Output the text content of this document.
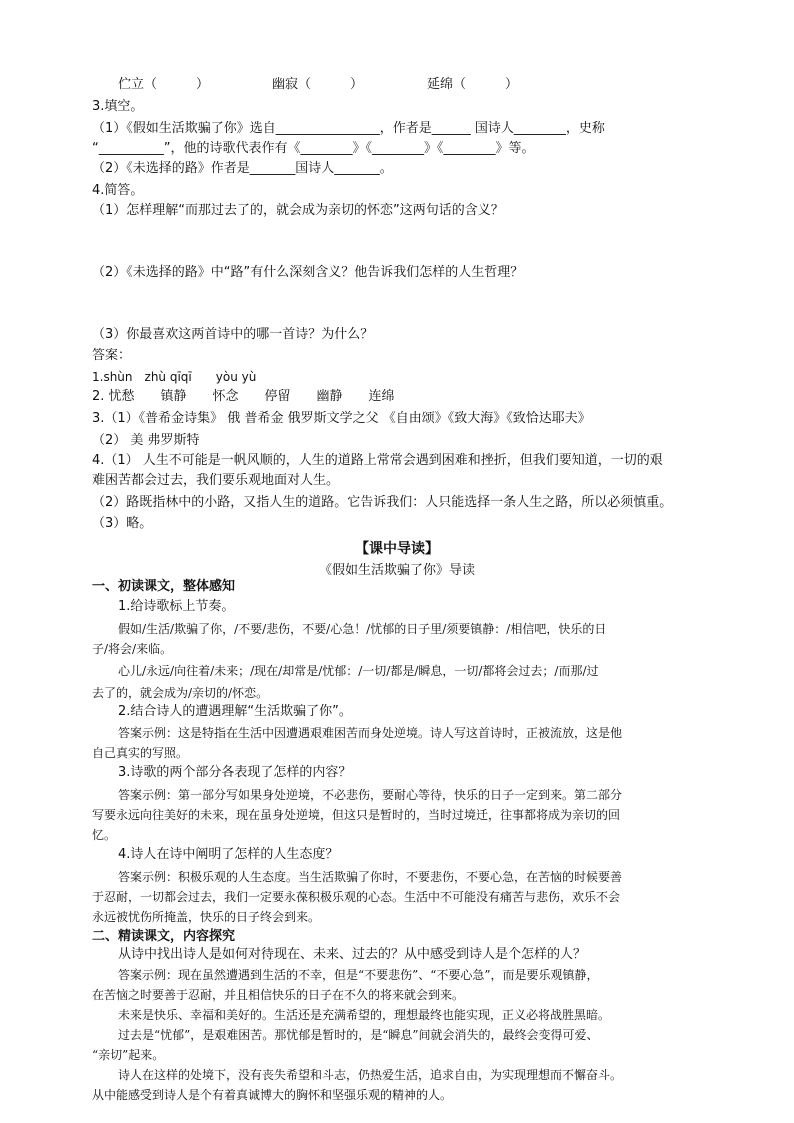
伫立（　　　）	幽寂（　　　）	延绵（　　　）
3.填空。
（1）《假如生活欺骗了你》选自________________，作者是______ 国诗人________，史称
“__________”，他的诗歌代表作有《________》《________》《________》等。
（2）《未选择的路》作者是_______国诗人_______。
4.简答。
（1）怎样理解“而那过去了的，就会成为亲切的怀恋”这两句话的含义？
（2）《未选择的路》中“路”有什么深刻含义？他告诉我们怎样的人生哲理？
（3）你最喜欢这两首诗中的哪一首诗？为什么？
答案：
1.shùn　zhù qīqī　　yòu yù
2. 忧愁　　镇静　　怀念　　停留　　幽静　　连绵
3.（1）《普希金诗集》 俄 普希金 俄罗斯文学之父 《自由颂》《致大海》《致恰达耶夫》
（2） 美 弗罗斯特
4.（1） 人生不可能是一帆风顺的，人生的道路上常常会遇到困难和挫折，但我们要知道，一切的艰
难困苦都会过去，我们要乐观地面对人生。
（2）路既指林中的小路，又指人生的道路。它告诉我们：人只能选择一条人生之路，所以必须慎重。
（3）略。
【课中导读】
《假如生活欺骗了你》导读
一、初读课文，整体感知
1.给诗歌标上节奏。
假如/生活/欺骗了你，/不要/悲伤，不要/心急！/忧郁的日子里/须要镇静：/相信吧，快乐的日
子/将会/来临。
心儿/永远/向往着/未来；/现在/却常是/忧郁：/一切/都是/瞬息，一切/都将会过去；/而那/过
去了的，就会成为/亲切的/怀恋。
2.结合诗人的遭遇理解“生活欺骗了你”。
答案示例：这是特指在生活中因遭遇艰难困苦而身处逆境。诗人写这首诗时，正被流放，这是他
自己真实的写照。
3.诗歌的两个部分各表现了怎样的内容？
答案示例：第一部分写如果身处逆境，不必悲伤，要耐心等待，快乐的日子一定到来。第二部分
写要永远向往美好的未来，现在虽身处逆境，但这只是暂时的，当时过境迁，往事都将成为亲切的回
忆。
4.诗人在诗中阐明了怎样的人生态度？
答案示例：积极乐观的人生态度。当生活欺骗了你时，不要悲伤，不要心急，在苦恼的时候要善
于忍耐，一切都会过去，我们一定要永葆积极乐观的心态。生活中不可能没有痛苦与悲伤，欢乐不会
永远被忧伤所掩盖，快乐的日子终会到来。
二、精读课文，内容探究
从诗中找出诗人是如何对待现在、未来、过去的？从中感受到诗人是个怎样的人？
答案示例：现在虽然遭遇到生活的不幸，但是“不要悲伤”、“不要心急”，而是要乐观镇静，
在苦恼之时要善于忍耐，并且相信快乐的日子在不久的将来就会到来。
未来是快乐、幸福和美好的。生活还是充满希望的，理想最终也能实现，正义必将战胜黑暗。
过去是“忧郁”，是艰难困苦。那忧郁是暂时的，是“瞬息”间就会消失的，最终会变得可爱、
“亲切”起来。
诗人在这样的处境下，没有丧失希望和斗志，仍热爱生活，追求自由，为实现理想而不懈奋斗。
从中能感受到诗人是个有着真诚博大的胸怀和坚强乐观的精神的人。
